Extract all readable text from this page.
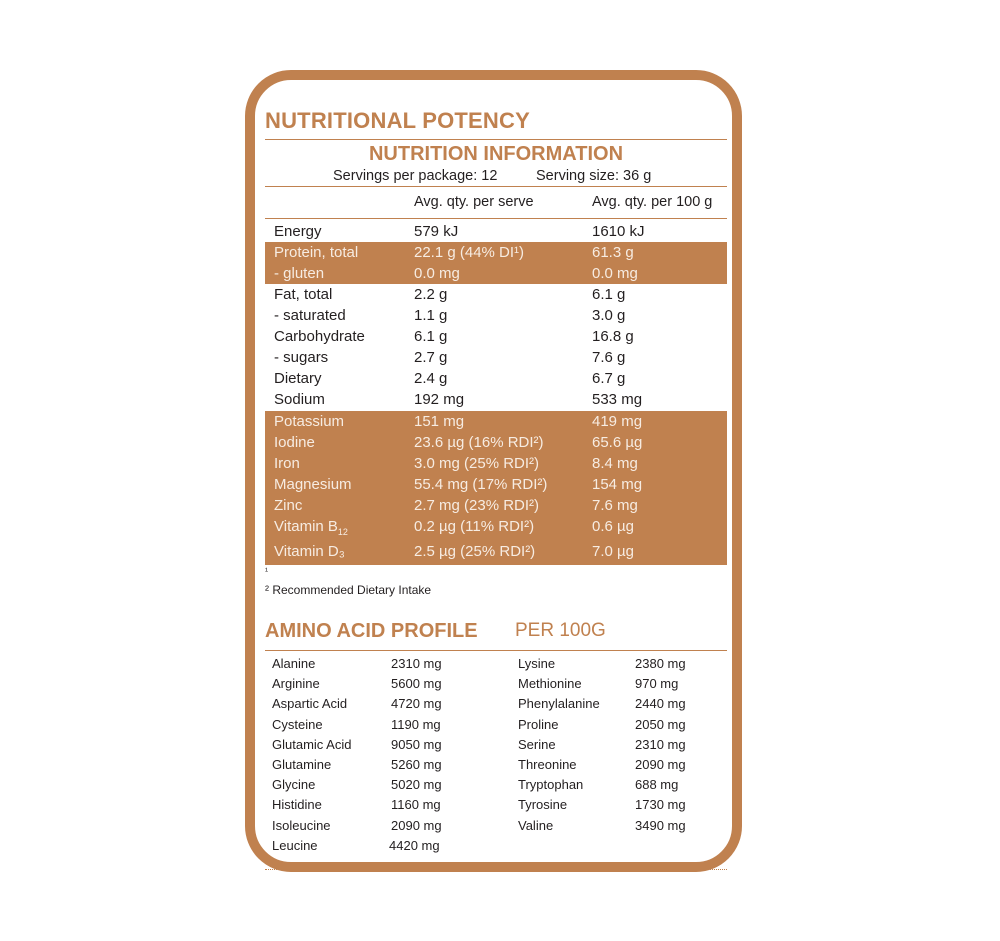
NUTRITIONAL POTENCY
NUTRITION INFORMATION
Servings per package: 12	Serving size: 36 g
Avg. qty. per serve	Avg. qty. per 100 g
Energy	579 kJ	1610 kJ
Protein, total	22.1 g (44% DI¹)	61.3 g
- gluten	0.0 mg	0.0 mg
Fat, total	2.2 g	6.1 g
- saturated	1.1 g	3.0 g
Carbohydrate	6.1 g	16.8 g
- sugars	2.7 g	7.6 g
Dietary	2.4 g	6.7 g
Sodium	192 mg	533 mg
Potassium	151 mg	419 mg
Iodine	23.6 µg (16% RDI²)	65.6 µg
Iron	3.0 mg (25% RDI²)	8.4 mg
Magnesium	55.4 mg (17% RDI²)	154 mg
Zinc	2.7 mg (23% RDI²)	7.6 mg
Vitamin $B_{12}$	0.2 µg (11% RDI²)	0.6 µg
Vitamin D₃	2.5 µg (25% RDI²)	7.0 µg
¹
² Recommended Dietary Intake
AMINO ACID PROFILE PER 100G
Alanine	2310 mg
Arginine	5600 mg
Aspartic Acid	4720 mg
Cysteine	1190 mg
Glutamic Acid	9050 mg
Glutamine	5260 mg
Glycine	5020 mg
Histidine	1160 mg
Isoleucine	2090 mg
Leucine	4420 mg
Lysine	2380 mg
Methionine	970 mg
Phenylalanine	2440 mg
Proline	2050 mg
Serine	2310 mg
Threonine	2090 mg
Tryptophan	688 mg
Tyrosine	1730 mg
Valine	3490 mg
